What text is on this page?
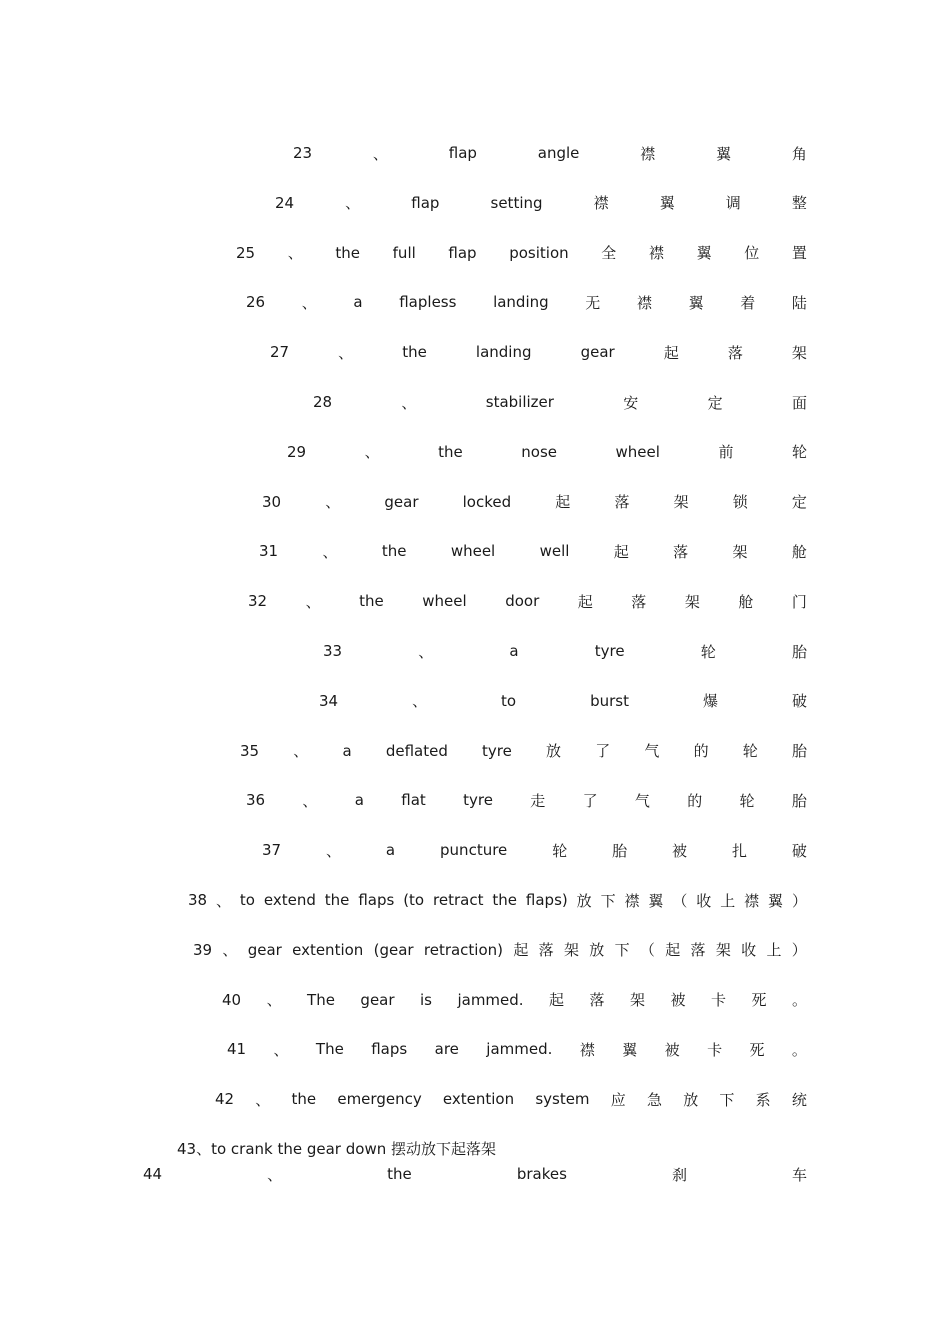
23	、	flap	angle	襟	翼	角
24	、	flap	setting	襟	翼	调	整
25 、 the full flap position 全 襟 翼 位 置
26 、 a flapless landing 无 襟 翼 着 陆
27	、	the	landing	gear	起	落	架
28	、	stabilizer	安	定	面
29	、	the	nose	wheel	前	轮
30	、	gear	locked	起	落	架	锁	定
31	、	the	wheel	well	起	落	架	舱
32	、	the	wheel	door	起	落	架	舱	门
33	、	a	tyre	轮	胎
34	、	to	burst	爆	破
35 、 a deflated tyre 放 了 气 的 轮 胎
36 、 a flat tyre 走 了 气 的 轮 胎
37	、	a	puncture	轮	胎	被	扎	破
38 、 to extend the flaps (to retract the flaps) 放 下 襟 翼 （ 收 上 襟 翼 ）
39 、 gear extention (gear retraction) 起 落 架 放 下 （ 起 落 架 收 上 ）
40 、 The gear is jammed. 起 落 架 被 卡 死 。
41 、 The flaps are jammed. 襟 翼 被 卡 死 。
42 、 the emergency extention system 应 急 放 下 系 统
43、to crank the gear down 摆动放下起落架
44	、	the	brakes	刹	车
